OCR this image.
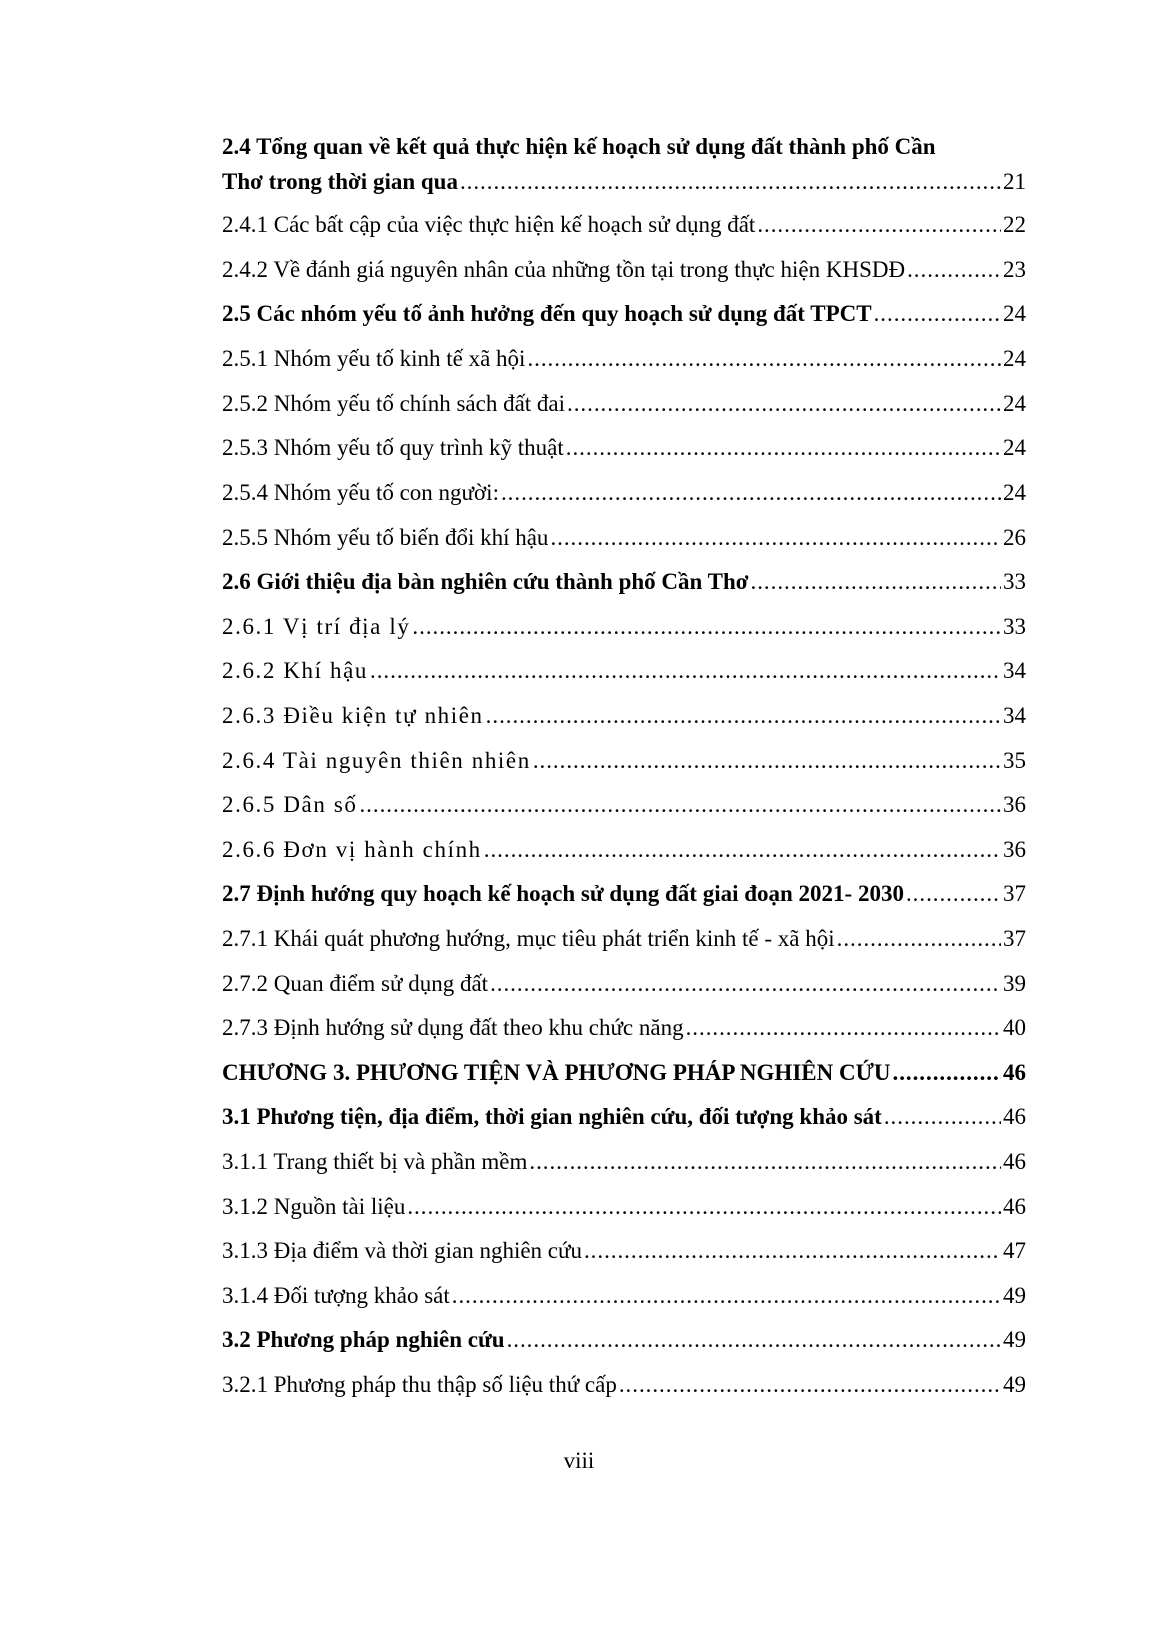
2.4 Tổng quan về kết quả thực hiện kế hoạch sử dụng đất thành phố Cần
Thơ trong thời gian qua . . .	21
2.4.1 Các bất cập của việc thực hiện kế hoạch sử dụng đất . . .	22
2.4.2 Về đánh giá nguyên nhân của những tồn tại trong thực hiện KHSDĐ . . .	23
2.5 Các nhóm yếu tố ảnh hưởng đến quy hoạch sử dụng đất TPCT . . .	24
2.5.1 Nhóm yếu tố kinh tế xã hội . . .	24
2.5.2 Nhóm yếu tố chính sách đất đai . . .	24
2.5.3 Nhóm yếu tố quy trình kỹ thuật . . .	24
2.5.4 Nhóm yếu tố con người: . . .	24
2.5.5 Nhóm yếu tố biến đổi khí hậu . . .	26
2.6 Giới thiệu địa bàn nghiên cứu thành phố Cần Thơ . . .	33
2.6.1 Vị trí địa lý . . .	33
2.6.2 Khí hậu . . .	34
2.6.3 Điều kiện tự nhiên . . .	34
2.6.4 Tài nguyên thiên nhiên . . .	35
2.6.5 Dân số . . .	36
2.6.6 Đơn vị hành chính . . .	36
2.7 Định hướng quy hoạch kế hoạch sử dụng đất giai đoạn 2021- 2030 . . .	37
2.7.1 Khái quát phương hướng, mục tiêu phát triển kinh tế - xã hội . . .	37
2.7.2 Quan điểm sử dụng đất . . .	39
2.7.3 Định hướng sử dụng đất theo khu chức năng . . .	40
CHƯƠNG 3. PHƯƠNG TIỆN VÀ PHƯƠNG PHÁP NGHIÊN CỨU . . .	46
3.1 Phương tiện, địa điểm, thời gian nghiên cứu, đối tượng khảo sát . . .	46
3.1.1 Trang thiết bị và phần mềm . . .	46
3.1.2 Nguồn tài liệu . . .	46
3.1.3 Địa điểm và thời gian nghiên cứu . . .	47
3.1.4 Đối tượng khảo sát . . .	49
3.2 Phương pháp nghiên cứu . . .	49
3.2.1 Phương pháp thu thập số liệu thứ cấp . . .	49
viii
